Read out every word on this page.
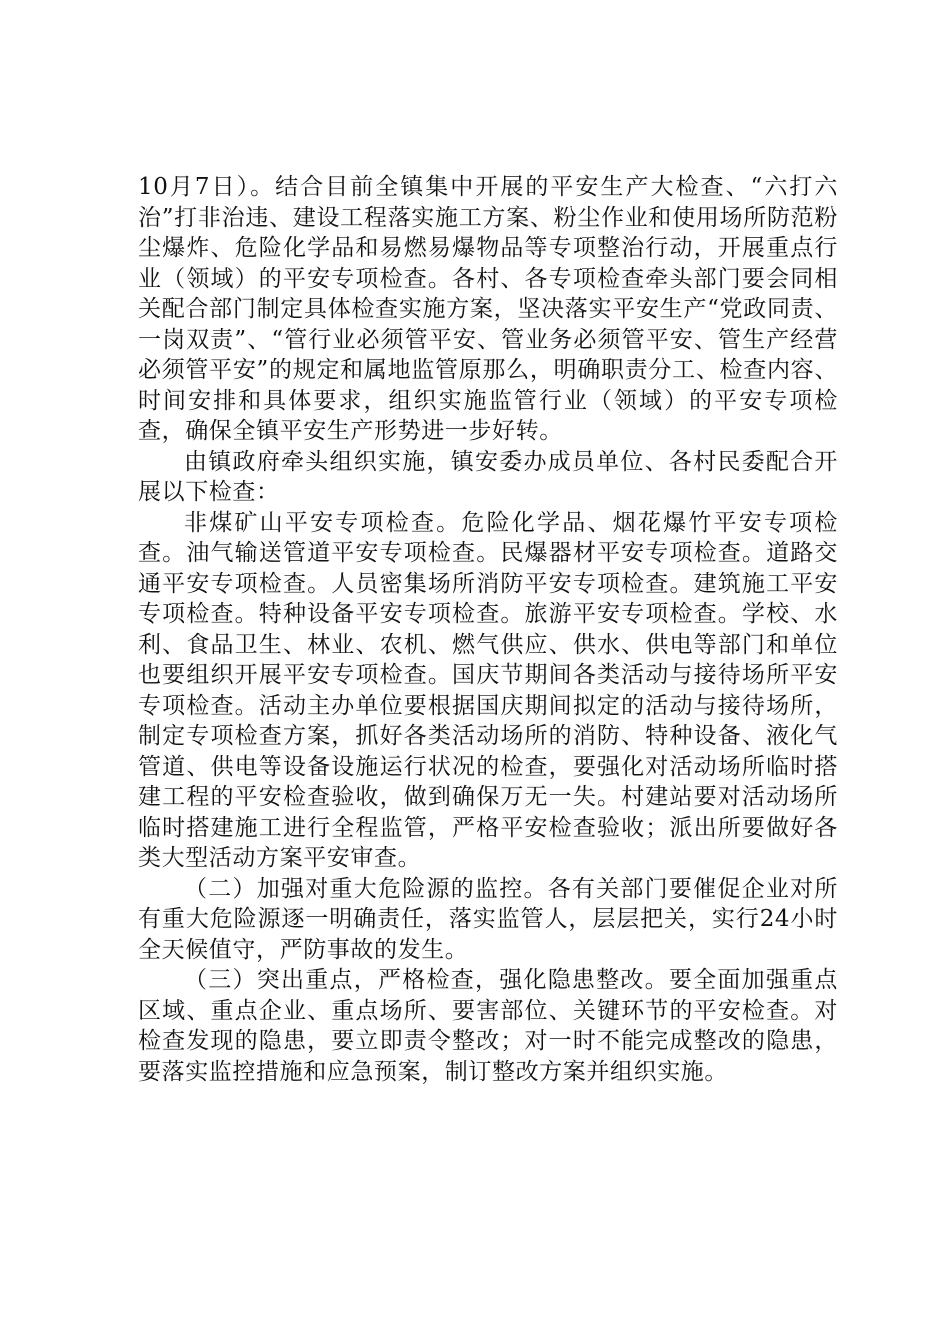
10月7日）。结合目前全镇集中开展的平安生产大检查、“六打六治”打非治违、建设工程落实施工方案、粉尘作业和使用场所防范粉尘爆炸、危险化学品和易燃易爆物品等专项整治行动，开展重点行业（领域）的平安专项检查。各村、各专项检查牵头部门要会同相关配合部门制定具体检查实施方案，坚决落实平安生产“党政同责、一岗双责”、“管行业必须管平安、管业务必须管平安、管生产经营必须管平安”的规定和属地监管原那么，明确职责分工、检查内容、时间安排和具体要求，组织实施监管行业（领域）的平安专项检查，确保全镇平安生产形势进一步好转。

由镇政府牵头组织实施，镇安委办成员单位、各村民委配合开展以下检查：

非煤矿山平安专项检查。危险化学品、烟花爆竹平安专项检查。油气输送管道平安专项检查。民爆器材平安专项检查。道路交通平安专项检查。人员密集场所消防平安专项检查。建筑施工平安专项检查。特种设备平安专项检查。旅游平安专项检查。学校、水利、食品卫生、林业、农机、燃气供应、供水、供电等部门和单位也要组织开展平安专项检查。国庆节期间各类活动与接待场所平安专项检查。活动主办单位要根据国庆期间拟定的活动与接待场所，制定专项检查方案，抓好各类活动场所的消防、特种设备、液化气管道、供电等设备设施运行状况的检查，要强化对活动场所临时搭建工程的平安检查验收，做到确保万无一失。村建站要对活动场所临时搭建施工进行全程监管，严格平安检查验收；派出所要做好各类大型活动方案平安审查。

（二）加强对重大危险源的监控。各有关部门要催促企业对所有重大危险源逐一明确责任，落实监管人，层层把关，实行24小时全天候值守，严防事故的发生。

（三）突出重点，严格检查，强化隐患整改。要全面加强重点区域、重点企业、重点场所、要害部位、关键环节的平安检查。对检查发现的隐患，要立即责令整改；对一时不能完成整改的隐患，要落实监控措施和应急预案，制订整改方案并组织实施。
